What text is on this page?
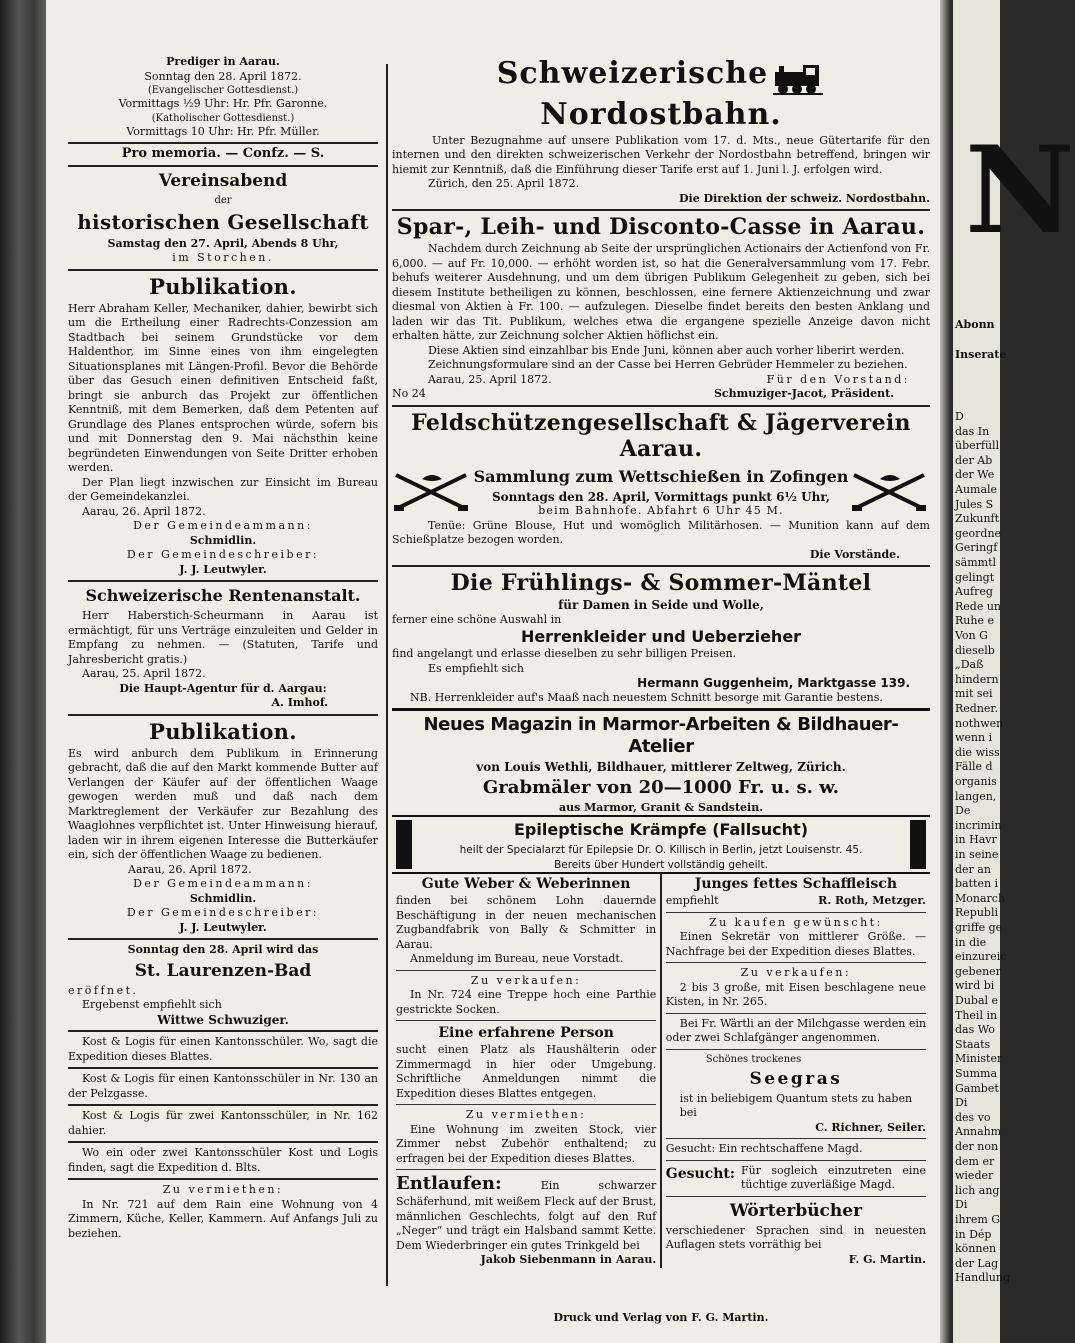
Prediger in Aarau.

Sonntag den 28. April 1872.

(Evangelischer Gottesdienst.)

Vormittags ½9 Uhr: Hr. Pfr. Garonne.

(Katholischer Gottesdienst.)

Vormittags 10 Uhr: Hr. Pfr. Müller.

Pro memoria. — Confz. — S.

Vereinsabend

der

historischen Gesellschaft

Samstag den 27. April, Abends 8 Uhr,

im Storchen.

Publikation.

Herr Abraham Keller, Mechaniker, dahier, bewirbt sich um die Ertheilung einer Radrechts-Conzession am Stadtbach bei seinem Grundstücke vor dem Haldenthor, im Sinne eines von ihm eingelegten Situationsplanes mit Längen-Profil. Bevor die Behörde über das Gesuch einen definitiven Entscheid faßt, bringt sie anburch das Projekt zur öffentlichen Kenntniß, mit dem Bemerken, daß dem Petenten auf Grundlage des Planes entsprochen würde, sofern bis und mit Donnerstag den 9. Mai nächsthin keine begründeten Einwendungen von Seite Dritter erhoben werden.

Der Plan liegt inzwischen zur Einsicht im Bureau der Gemeindekanzlei.

Aarau, 26. April 1872.

Der Gemeindeammann:

Schmidlin.

Der Gemeindeschreiber:

J. J. Leutwyler.

Schweizerische Rentenanstalt.

Herr Haberstich-Scheurmann in Aarau ist ermächtigt, für uns Verträge einzuleiten und Gelder in Empfang zu nehmen. — (Statuten, Tarife und Jahresbericht gratis.)

Aarau, 25. April 1872.

Die Haupt-Agentur für d. Aargau:

A. Imhof.

Publikation.

Es wird anburch dem Publikum in Erinnerung gebracht, daß die auf den Markt kommende Butter auf Verlangen der Käufer auf der öffentlichen Waage gewogen werden muß und daß nach dem Marktreglement der Verkäufer zur Bezahlung des Waaglohnes verpflichtet ist. Unter Hinweisung hierauf, laden wir in ihrem eigenen Interesse die Butterkäufer ein, sich der öffentlichen Waage zu bedienen.

Aarau, 26. April 1872.

Der Gemeindeammann:

Schmidlin.

Der Gemeindeschreiber:

J. J. Leutwyler.

Sonntag den 28. April wird das

St. Laurenzen-Bad

eröffnet.

Ergebenst empfiehlt sich

Wittwe Schwuziger.

Kost & Logis für einen Kantonsschüler. Wo, sagt die Expedition dieses Blattes.

Kost & Logis für einen Kantonsschüler in Nr. 130 an der Pelzgasse.

Kost & Logis für zwei Kantonsschüler, in Nr. 162 dahier.

Wo ein oder zwei Kantonsschüler Kost und Logis finden, sagt die Expedition d. Blts.

Zu vermiethen:

In Nr. 721 auf dem Rain eine Wohnung von 4 Zimmern, Küche, Keller, Kammern. Auf Anfangs Juli zu beziehen.

Schweizerische  Nordostbahn.

Unter Bezugnahme auf unsere Publikation vom 17. d. Mts., neue Gütertarife für den internen und den direkten schweizerischen Verkehr der Nordostbahn betreffend, bringen wir hiemit zur Kenntniß, daß die Einführung dieser Tarife erst auf 1. Juni l. J. erfolgen wird.

Zürich, den 25. April 1872.

Die Direktion der schweiz. Nordostbahn.

Spar-, Leih- und Disconto-Casse in Aarau.

Nachdem durch Zeichnung ab Seite der ursprünglichen Actionairs der Actienfond von Fr. 6,000. — auf Fr. 10,000. — erhöht worden ist, so hat die Generalversammlung vom 17. Febr. behufs weiterer Ausdehnung, und um dem übrigen Publikum Gelegenheit zu geben, sich bei diesem Institute betheiligen zu können, beschlossen, eine fernere Aktienzeichnung und zwar diesmal von Aktien à Fr. 100. — aufzulegen. Dieselbe findet bereits den besten Anklang und laden wir das Tit. Publikum, welches etwa die ergangene spezielle Anzeige davon nicht erhalten hätte, zur Zeichnung solcher Aktien höflichst ein.

Diese Aktien sind einzahlbar bis Ende Juni, können aber auch vorher liberirt werden.

Zeichnungsformulare sind an der Casse bei Herren Gebrüder Hemmeler zu beziehen.

Aarau, 25. April 1872.	Für den Vorstand:

No 24	Schmuziger-Jacot, Präsident.

Feldschützengesellschaft & Jägerverein Aarau.

Sammlung zum Wettschießen in Zofingen

Sonntags den 28. April, Vormittags punkt 6½ Uhr,

beim Bahnhofe. Abfahrt 6 Uhr 45 M.

Tenüe: Grüne Blouse, Hut und womöglich Militärhosen. — Munition kann auf dem Schießplatze bezogen worden.

Die Vorstände.

Die Frühlings- & Sommer-Mäntel

für Damen in Seide und Wolle,

ferner eine schöne Auswahl in

Herrenkleider und Ueberzieher

find angelangt und erlasse dieselben zu sehr billigen Preisen.

Es empfiehlt sich

Hermann Guggenheim, Marktgasse 139.

NB. Herrenkleider auf's Maaß nach neuestem Schnitt besorge mit Garantie bestens.

Neues Magazin in Marmor-Arbeiten & Bildhauer-Atelier

von Louis Wethli, Bildhauer, mittlerer Zeltweg, Zürich.

Grabmäler von 20—1000 Fr. u. s. w.

aus Marmor, Granit & Sandstein.

Epileptische Krämpfe (Fallsucht)

heilt der Specialarzt für Epilepsie Dr. O. Killisch in Berlin, jetzt Louisenstr. 45.

Bereits über Hundert vollständig geheilt.

Gute Weber & Weberinnen

finden bei schönem Lohn dauernde Beschäftigung in der neuen mechanischen Zugbandfabrik von Bally & Schmitter in Aarau.

Anmeldung im Bureau, neue Vorstadt.

Zu verkaufen:

In Nr. 724 eine Treppe hoch eine Parthie gestrickte Socken.

Eine erfahrene Person

sucht einen Platz als Haushälterin oder Zimmermagd in hier oder Umgebung. Schriftliche Anmeldungen nimmt die Expedition dieses Blattes entgegen.

Zu vermiethen:

Eine Wohnung im zweiten Stock, vier Zimmer nebst Zubehör enthaltend; zu erfragen bei der Expedition dieses Blattes.

Entlaufen:	Ein schwarzer Schäferhund, mit weißem Fleck auf der Brust, männlichen Geschlechts, folgt auf den Ruf „Neger“ und trägt ein Halsband sammt Kette. Dem Wiederbringer ein gutes Trinkgeld bei

Jakob Siebenmann in Aarau.

Junges fettes Schaffleisch

empfiehlt	R. Roth, Metzger.

Zu kaufen gewünscht:

Einen Sekretär von mittlerer Größe. — Nachfrage bei der Expedition dieses Blattes.

Zu verkaufen:

2 bis 3 große, mit Eisen beschlagene neue Kisten, in Nr. 265.

Bei Fr. Wärtli an der Milchgasse werden ein oder zwei Schlafgänger angenommen.

Schönes trockenes

Seegras

ist in beliebigem Quantum stets zu haben bei

C. Richner, Seiler.

Gesucht: Ein rechtschaffene Magd.

Gesucht: Für sogleich einzutreten eine tüchtige zuverläßige Magd.

Wörterbücher

verschiedener Sprachen sind in neuesten Auflagen stets vorräthig bei

F. G. Martin.

Druck und Verlag von F. G. Martin.

N
Abonn
Inserate
D
das In
überfüll
der Ab
der We
Aumale
Jules S
Zukunft
geordne
Geringf
sämmtl
gelingt
Aufreg
Rede un
Ruhe e
Von G
dieselb
„Daß
hindern
mit sei
Redner.
nothwen
wenn i
die wiss
Fälle d
organis
langen,
De
incrimin
in Havr
in seine
der an
batten i
Monarch
Republi
griffe ge
in die
einzureic
gebener
wird bi
Dubal e
Theil in
das Wo
Staats
Minister
Summa
Gambet
Di
des vo
Annahm
der non
dem er
wieder
lich ang
Di
ihrem G
in Dép
können
der Lag
Handlung
